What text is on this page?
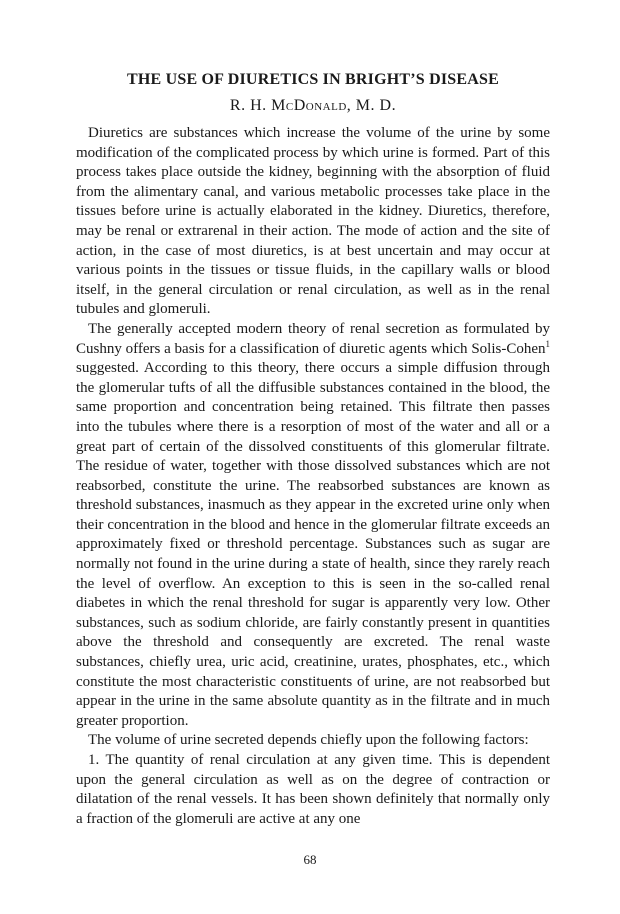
THE USE OF DIURETICS IN BRIGHT’S DISEASE
R. H. McDonald, M. D.

Diuretics are substances which increase the volume of the urine by some modification of the complicated process by which urine is formed. Part of this process takes place outside the kidney, beginning with the absorption of fluid from the alimentary canal, and various metabolic processes take place in the tissues before urine is actually elaborated in the kidney. Diuretics, therefore, may be renal or extrarenal in their action. The mode of action and the site of action, in the case of most diuretics, is at best uncertain and may occur at various points in the tissues or tissue fluids, in the capillary walls or blood itself, in the general circulation or renal circulation, as well as in the renal tubules and glomeruli.

The generally accepted modern theory of renal secretion as formulated by Cushny offers a basis for a classification of diuretic agents which Solis-Cohen$^1$ suggested. According to this theory, there occurs a simple diffusion through the glomerular tufts of all the diffusible substances contained in the blood, the same proportion and concentration being retained. This filtrate then passes into the tubules where there is a resorption of most of the water and all or a great part of certain of the dissolved constituents of this glomerular filtrate. The residue of water, together with those dissolved substances which are not reabsorbed, constitute the urine. The reabsorbed substances are known as threshold substances, inasmuch as they appear in the excreted urine only when their concentration in the blood and hence in the glomerular filtrate exceeds an approximately fixed or threshold percentage. Substances such as sugar are normally not found in the urine during a state of health, since they rarely reach the level of overflow. An exception to this is seen in the so-called renal diabetes in which the renal threshold for sugar is apparently very low. Other substances, such as sodium chloride, are fairly constantly present in quantities above the threshold and consequently are excreted. The renal waste substances, chiefly urea, uric acid, creatinine, urates, phosphates, etc., which constitute the most characteristic constituents of urine, are not reabsorbed but appear in the urine in the same absolute quantity as in the filtrate and in much greater proportion.

The volume of urine secreted depends chiefly upon the following factors:

1. The quantity of renal circulation at any given time. This is dependent upon the general circulation as well as on the degree of contraction or dilatation of the renal vessels. It has been shown definitely that normally only a fraction of the glomeruli are active at any one

68
